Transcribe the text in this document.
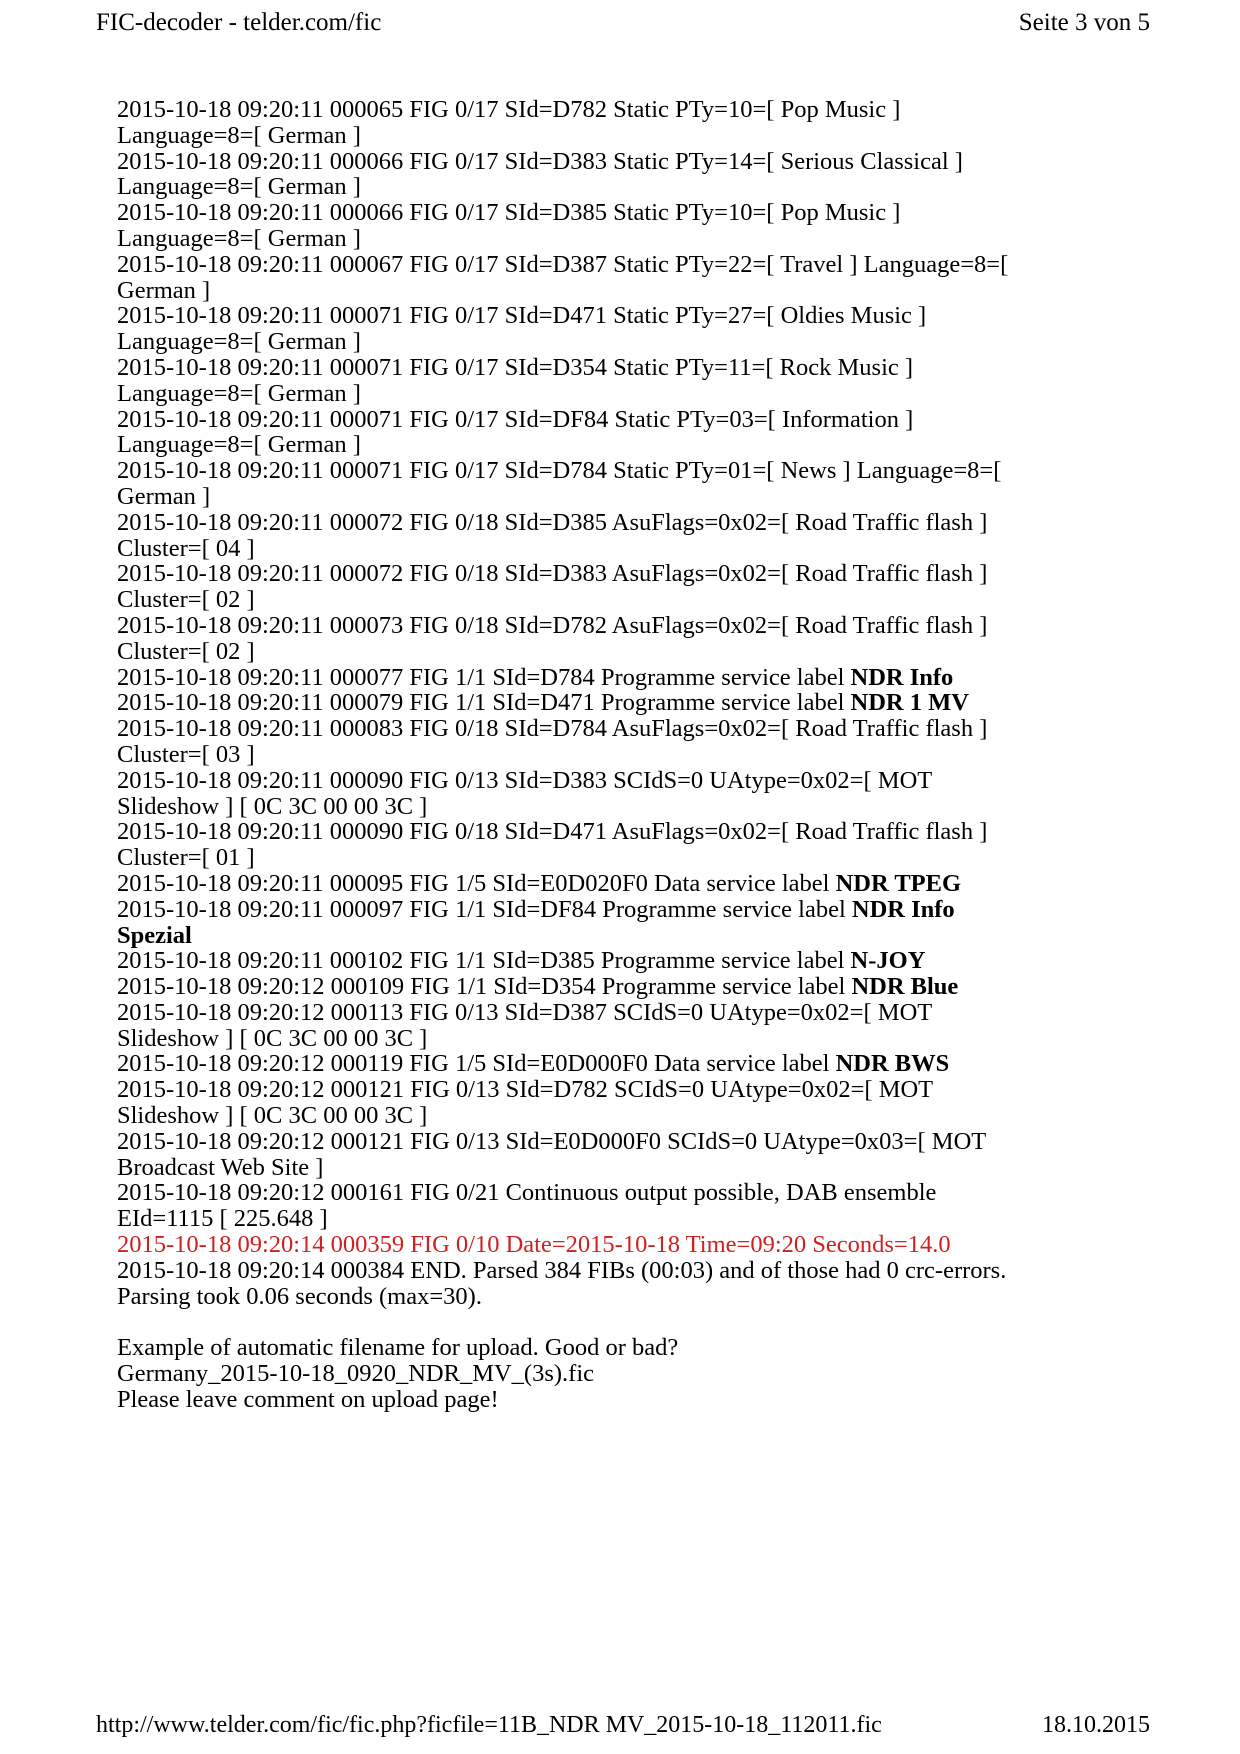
FIC-decoder - telder.com/fic	Seite 3 von 5

2015-10-18 09:20:11 000065 FIG 0/17 SId=D782 Static PTy=10=[ Pop Music ] Language=8=[ German ]

2015-10-18 09:20:11 000066 FIG 0/17 SId=D383 Static PTy=14=[ Serious Classical ] Language=8=[ German ]

2015-10-18 09:20:11 000066 FIG 0/17 SId=D385 Static PTy=10=[ Pop Music ] Language=8=[ German ]

2015-10-18 09:20:11 000067 FIG 0/17 SId=D387 Static PTy=22=[ Travel ] Language=8=[ German ]

2015-10-18 09:20:11 000071 FIG 0/17 SId=D471 Static PTy=27=[ Oldies Music ] Language=8=[ German ]

2015-10-18 09:20:11 000071 FIG 0/17 SId=D354 Static PTy=11=[ Rock Music ] Language=8=[ German ]

2015-10-18 09:20:11 000071 FIG 0/17 SId=DF84 Static PTy=03=[ Information ] Language=8=[ German ]

2015-10-18 09:20:11 000071 FIG 0/17 SId=D784 Static PTy=01=[ News ] Language=8=[ German ]

2015-10-18 09:20:11 000072 FIG 0/18 SId=D385 AsuFlags=0x02=[ Road Traffic flash ] Cluster=[ 04 ]

2015-10-18 09:20:11 000072 FIG 0/18 SId=D383 AsuFlags=0x02=[ Road Traffic flash ] Cluster=[ 02 ]

2015-10-18 09:20:11 000073 FIG 0/18 SId=D782 AsuFlags=0x02=[ Road Traffic flash ] Cluster=[ 02 ]

2015-10-18 09:20:11 000077 FIG 1/1 SId=D784 Programme service label NDR Info

2015-10-18 09:20:11 000079 FIG 1/1 SId=D471 Programme service label NDR 1 MV

2015-10-18 09:20:11 000083 FIG 0/18 SId=D784 AsuFlags=0x02=[ Road Traffic flash ] Cluster=[ 03 ]

2015-10-18 09:20:11 000090 FIG 0/13 SId=D383 SCIdS=0 UAtype=0x02=[ MOT Slideshow ] [ 0C 3C 00 00 3C ]

2015-10-18 09:20:11 000090 FIG 0/18 SId=D471 AsuFlags=0x02=[ Road Traffic flash ] Cluster=[ 01 ]

2015-10-18 09:20:11 000095 FIG 1/5 SId=E0D020F0 Data service label NDR TPEG

2015-10-18 09:20:11 000097 FIG 1/1 SId=DF84 Programme service label NDR Info Spezial

2015-10-18 09:20:11 000102 FIG 1/1 SId=D385 Programme service label N-JOY

2015-10-18 09:20:12 000109 FIG 1/1 SId=D354 Programme service label NDR Blue

2015-10-18 09:20:12 000113 FIG 0/13 SId=D387 SCIdS=0 UAtype=0x02=[ MOT Slideshow ] [ 0C 3C 00 00 3C ]

2015-10-18 09:20:12 000119 FIG 1/5 SId=E0D000F0 Data service label NDR BWS

2015-10-18 09:20:12 000121 FIG 0/13 SId=D782 SCIdS=0 UAtype=0x02=[ MOT Slideshow ] [ 0C 3C 00 00 3C ]

2015-10-18 09:20:12 000121 FIG 0/13 SId=E0D000F0 SCIdS=0 UAtype=0x03=[ MOT Broadcast Web Site ]

2015-10-18 09:20:12 000161 FIG 0/21 Continuous output possible, DAB ensemble EId=1115 [ 225.648 ]

2015-10-18 09:20:14 000359 FIG 0/10 Date=2015-10-18 Time=09:20 Seconds=14.0

2015-10-18 09:20:14 000384 END. Parsed 384 FIBs (00:03) and of those had 0 crc-errors. Parsing took 0.06 seconds (max=30).

Example of automatic filename for upload. Good or bad?

Germany_2015-10-18_0920_NDR_MV_(3s).fic

Please leave comment on upload page!

http://www.telder.com/fic/fic.php?ficfile=11B_NDR MV_2015-10-18_112011.fic	18.10.2015
